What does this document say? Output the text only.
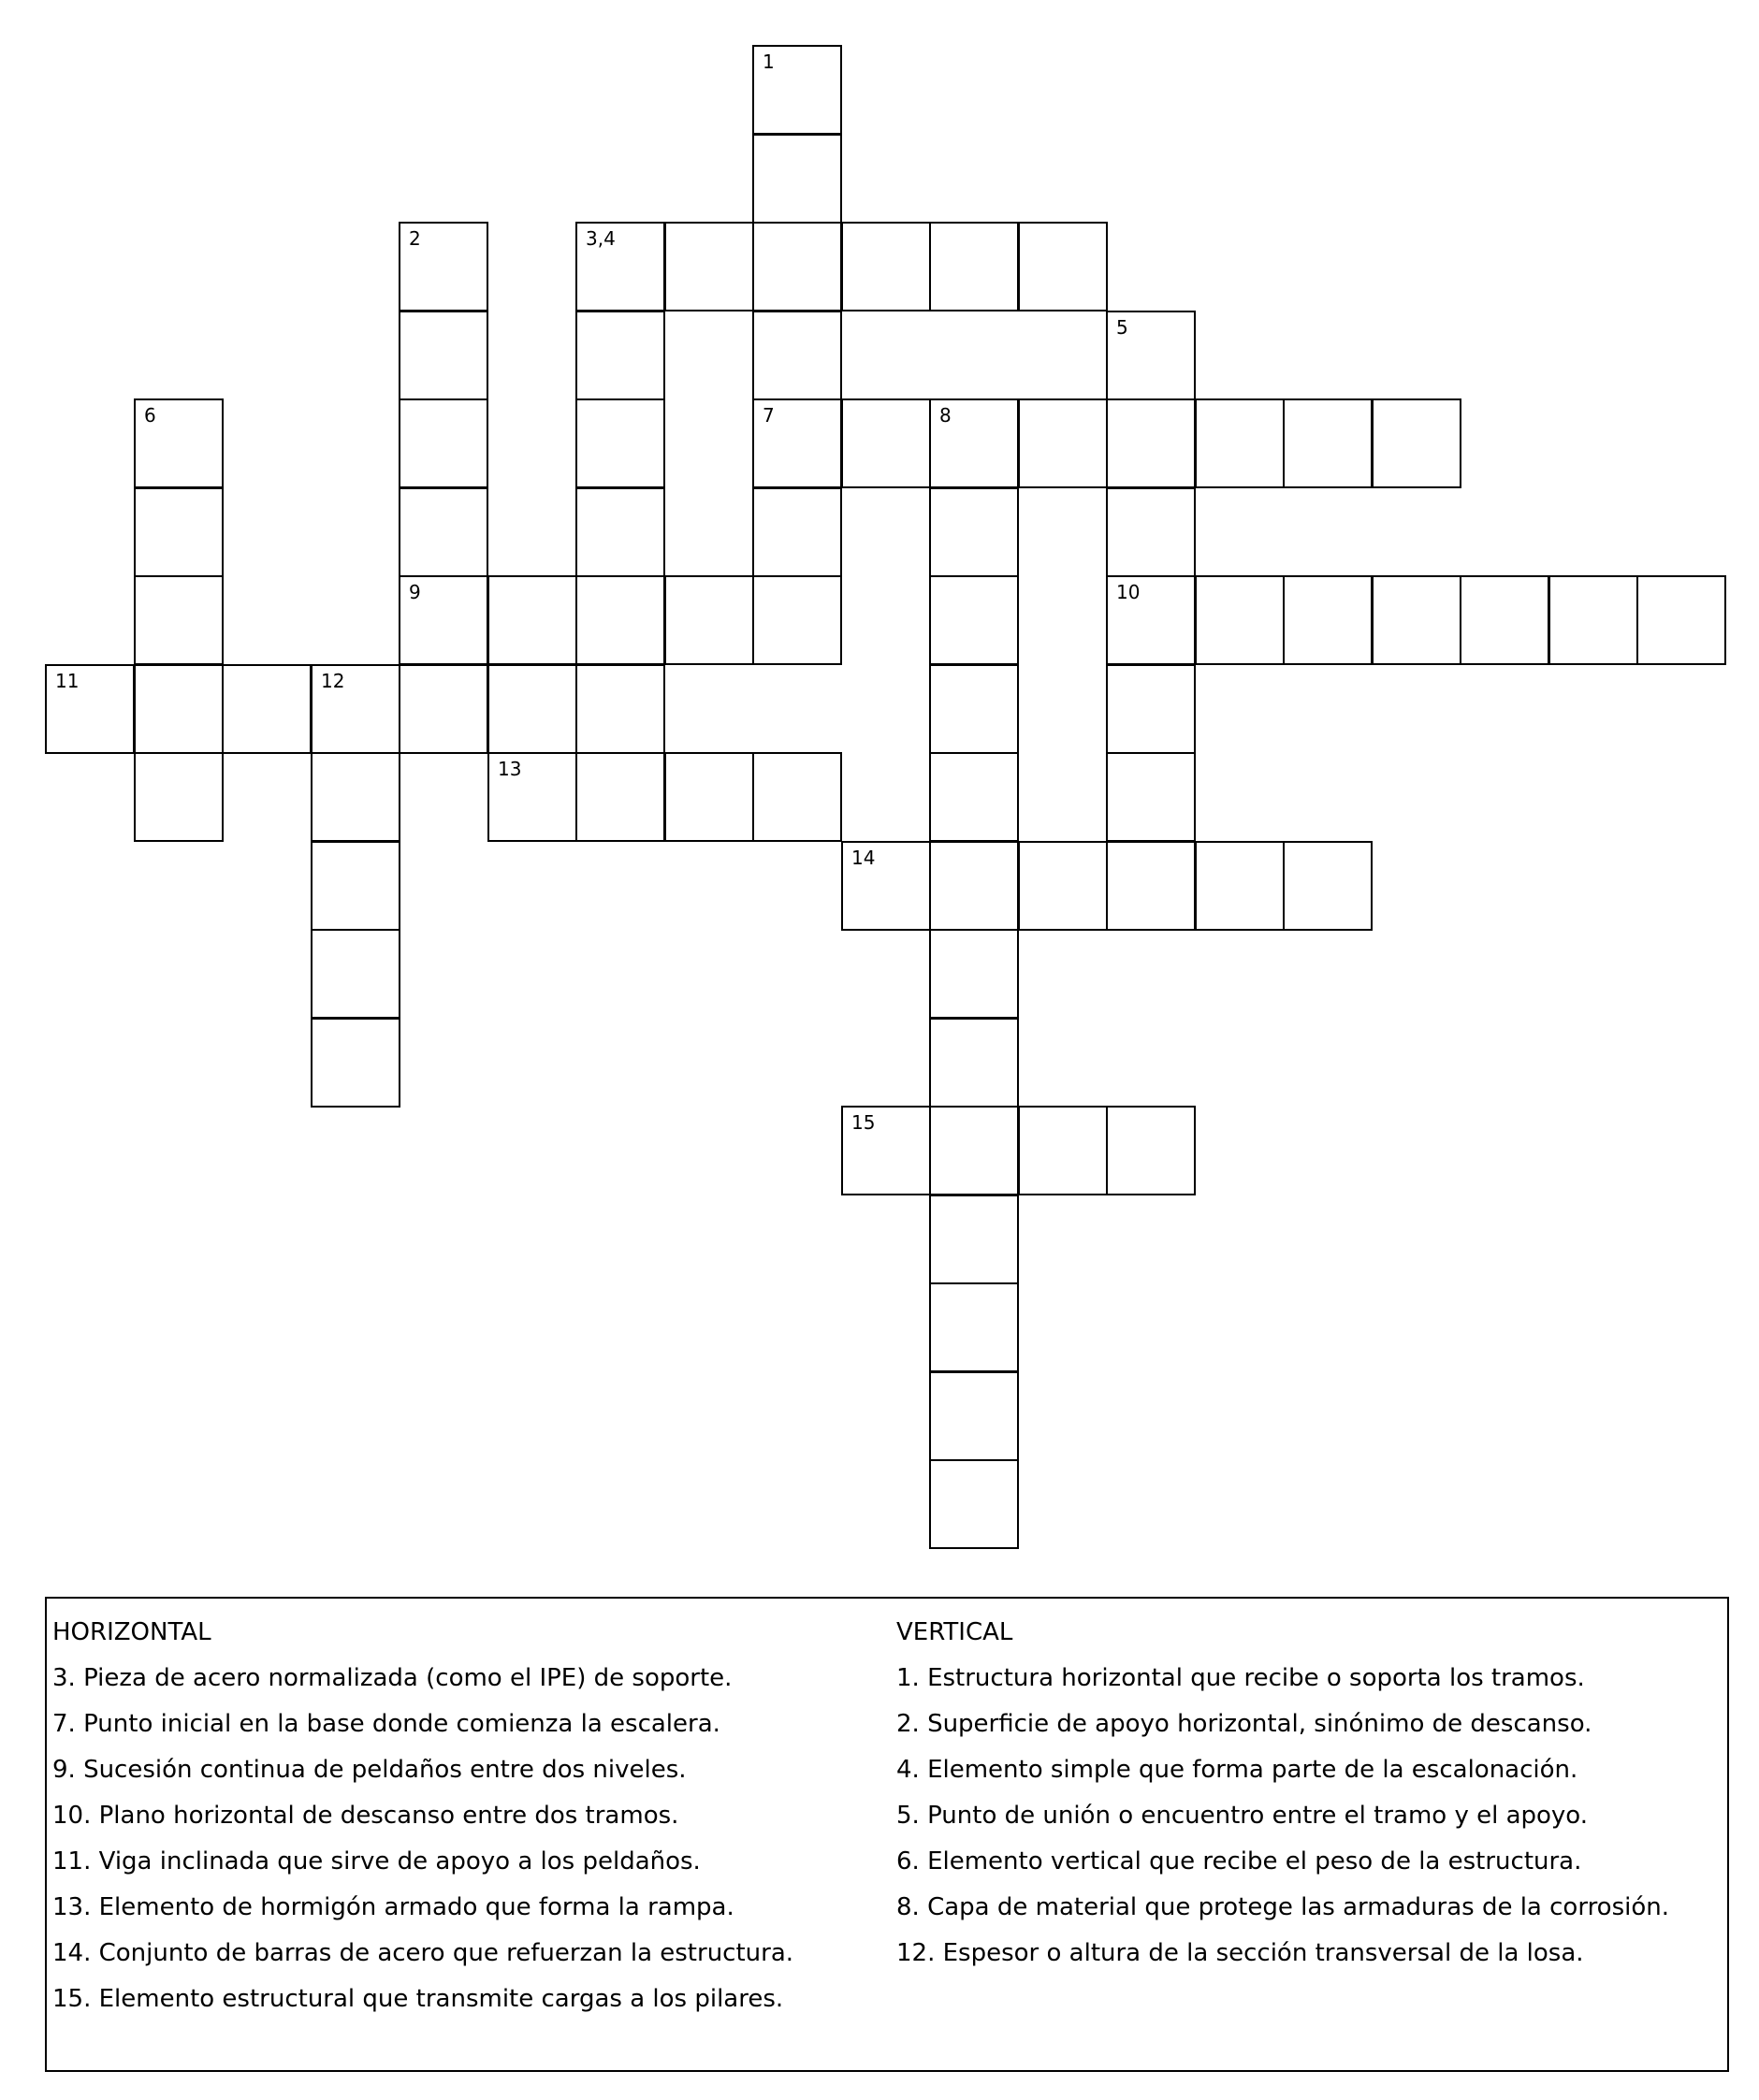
1
7
2
9
3,4
5
10
6	8
11	12
13
14
15
HORIZONTAL
3. Pieza de acero normalizada (como el IPE) de soporte.
7. Punto inicial en la base donde comienza la escalera.
9. Sucesión continua de peldaños entre dos niveles.
10. Plano horizontal de descanso entre dos tramos.
11. Viga inclinada que sirve de apoyo a los peldaños.
13. Elemento de hormigón armado que forma la rampa.
14. Conjunto de barras de acero que refuerzan la estructura.
15. Elemento estructural que transmite cargas a los pilares.
VERTICAL
1. Estructura horizontal que recibe o soporta los tramos.
2. Superficie de apoyo horizontal, sinónimo de descanso.
4. Elemento simple que forma parte de la escalonación.
5. Punto de unión o encuentro entre el tramo y el apoyo.
6. Elemento vertical que recibe el peso de la estructura.
8. Capa de material que protege las armaduras de la corrosión.
12. Espesor o altura de la sección transversal de la losa.
